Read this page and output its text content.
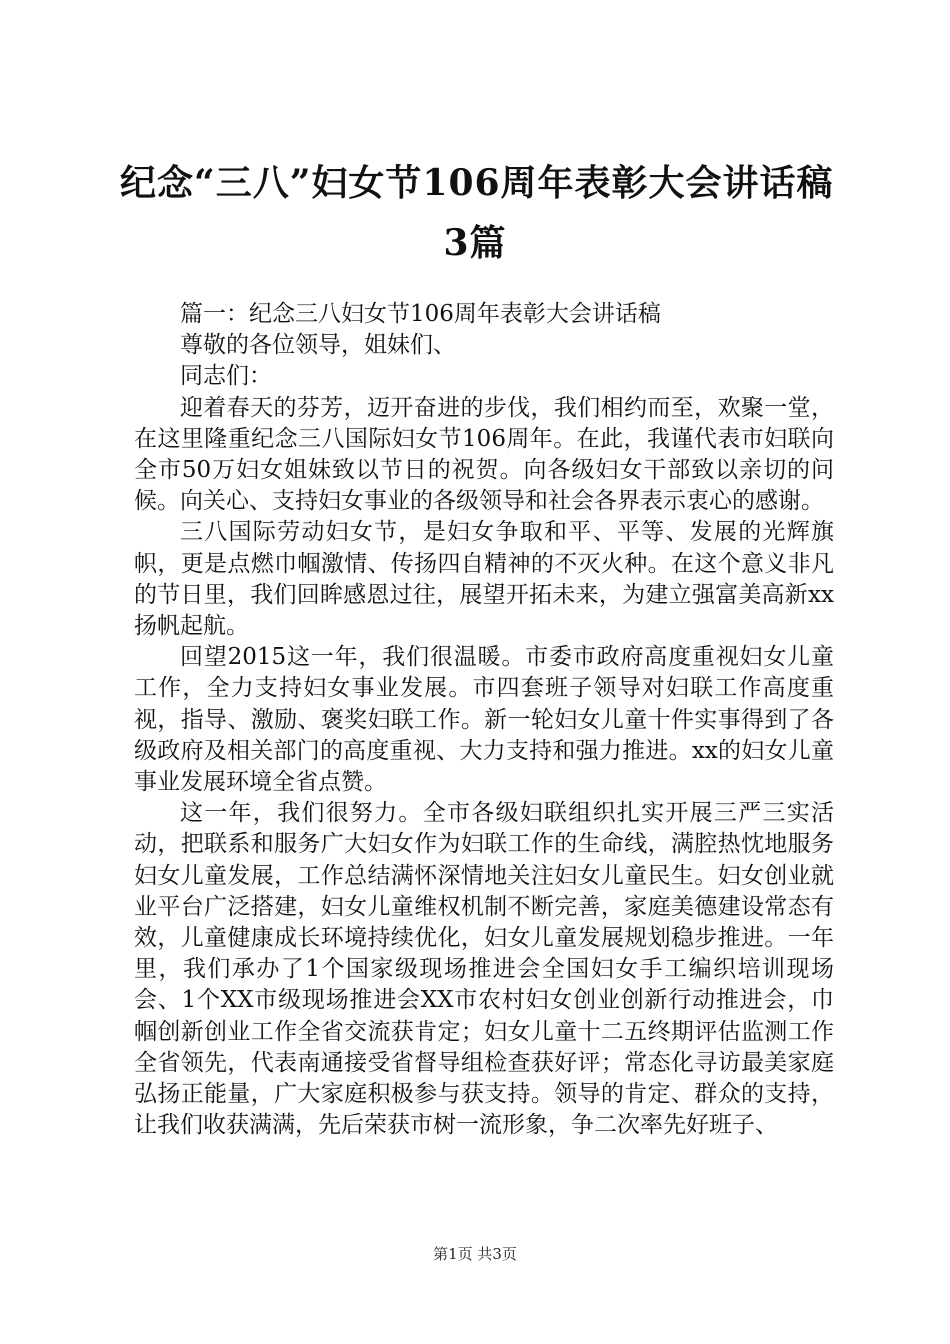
纪念“三八”妇女节106周年表彰大会讲话稿
3篇

篇一：纪念三八妇女节106周年表彰大会讲话稿

尊敬的各位领导，姐妹们、

同志们：

迎着春天的芬芳，迈开奋进的步伐，我们相约而至，欢聚一堂，在这里隆重纪念三八国际妇女节106周年。在此，我谨代表市妇联向全市50万妇女姐妹致以节日的祝贺。向各级妇女干部致以亲切的问候。向关心、支持妇女事业的各级领导和社会各界表示衷心的感谢。

三八国际劳动妇女节，是妇女争取和平、平等、发展的光辉旗帜，更是点燃巾帼激情、传扬四自精神的不灭火种。在这个意义非凡的节日里，我们回眸感恩过往，展望开拓未来，为建立强富美高新xx扬帆起航。

回望2015这一年，我们很温暖。市委市政府高度重视妇女儿童工作，全力支持妇女事业发展。市四套班子领导对妇联工作高度重视，指导、激励、褒奖妇联工作。新一轮妇女儿童十件实事得到了各级政府及相关部门的高度重视、大力支持和强力推进。xx的妇女儿童事业发展环境全省点赞。

这一年，我们很努力。全市各级妇联组织扎实开展三严三实活动，把联系和服务广大妇女作为妇联工作的生命线，满腔热忱地服务妇女儿童发展，工作总结满怀深情地关注妇女儿童民生。妇女创业就业平台广泛搭建，妇女儿童维权机制不断完善，家庭美德建设常态有效，儿童健康成长环境持续优化，妇女儿童发展规划稳步推进。一年里，我们承办了1个国家级现场推进会全国妇女手工编织培训现场会、1个XX市级现场推进会XX市农村妇女创业创新行动推进会，巾帼创新创业工作全省交流获肯定；妇女儿童十二五终期评估监测工作全省领先，代表南通接受省督导组检查获好评；常态化寻访最美家庭弘扬正能量，广大家庭积极参与获支持。领导的肯定、群众的支持，让我们收获满满，先后荣获市树一流形象，争二次率先好班子、

第1页 共3页
